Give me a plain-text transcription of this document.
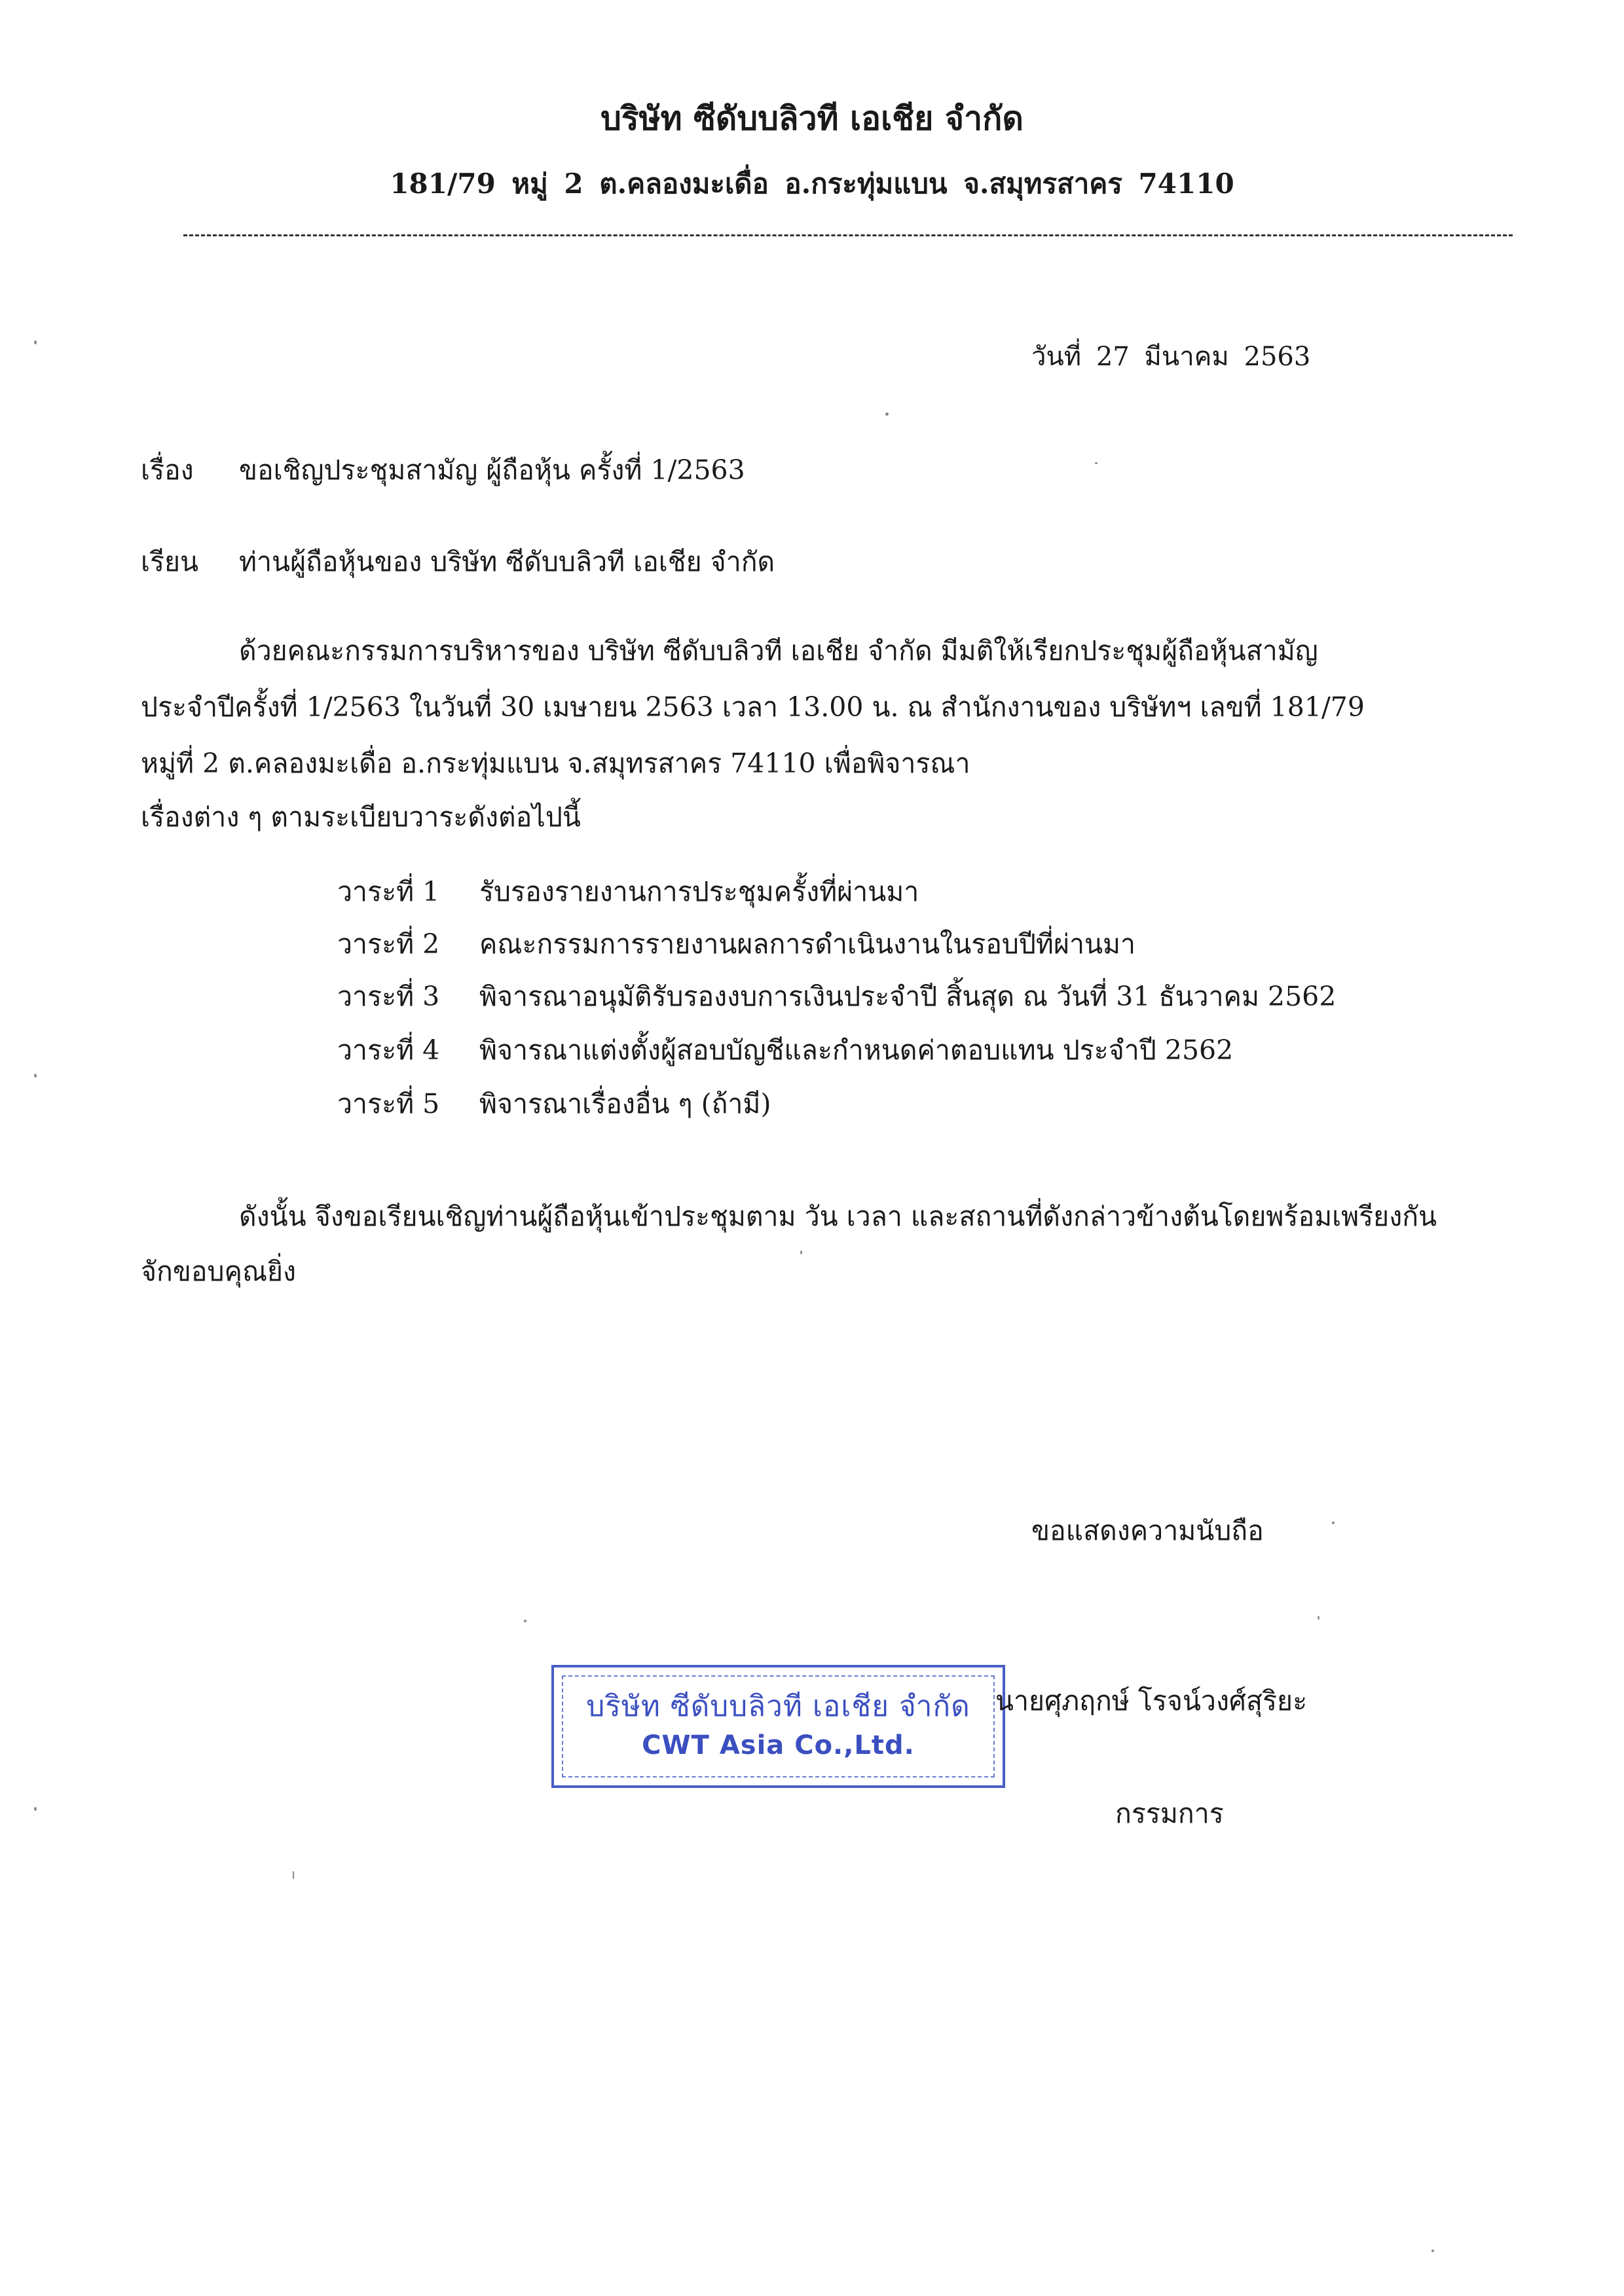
บริษัท ซีดับบลิวที เอเชีย จำกัด
181/79 หมู่ 2 ต.คลองมะเดื่อ อ.กระทุ่มแบน จ.สมุทรสาคร 74110
วันที่ 27 มีนาคม 2563
เรื่อง ขอเชิญประชุมสามัญ ผู้ถือหุ้น ครั้งที่ 1/2563
เรียน ท่านผู้ถือหุ้นของ บริษัท ซีดับบลิวที เอเชีย จำกัด
ด้วยคณะกรรมการบริหารของ บริษัท ซีดับบลิวที เอเชีย จำกัด มีมติให้เรียกประชุมผู้ถือหุ้นสามัญ
ประจำปีครั้งที่ 1/2563 ในวันที่ 30 เมษายน 2563 เวลา 13.00 น. ณ สำนักงานของ บริษัทฯ เลขที่ 181/79
หมู่ที่ 2 ต.คลองมะเดื่อ อ.กระทุ่มแบน จ.สมุทรสาคร 74110 เพื่อพิจารณา
เรื่องต่าง ๆ ตามระเบียบวาระดังต่อไปนี้
วาระที่ 1	รับรองรายงานการประชุมครั้งที่ผ่านมา
วาระที่ 2	คณะกรรมการรายงานผลการดำเนินงานในรอบปีที่ผ่านมา
วาระที่ 3	พิจารณาอนุมัติรับรองงบการเงินประจำปี สิ้นสุด ณ วันที่ 31 ธันวาคม 2562
วาระที่ 4	พิจารณาแต่งตั้งผู้สอบบัญชีและกำหนดค่าตอบแทน ประจำปี 2562
วาระที่ 5	พิจารณาเรื่องอื่น ๆ (ถ้ามี)
ดังนั้น จึงขอเรียนเชิญท่านผู้ถือหุ้นเข้าประชุมตาม วัน เวลา และสถานที่ดังกล่าวข้างต้นโดยพร้อมเพรียงกัน
จักขอบคุณยิ่ง
ขอแสดงความนับถือ
บริษัท ซีดับบลิวที เอเชีย จำกัด
CWT Asia Co.,Ltd.
นายศุภฤกษ์ โรจน์วงศ์สุริยะ
กรรมการ
